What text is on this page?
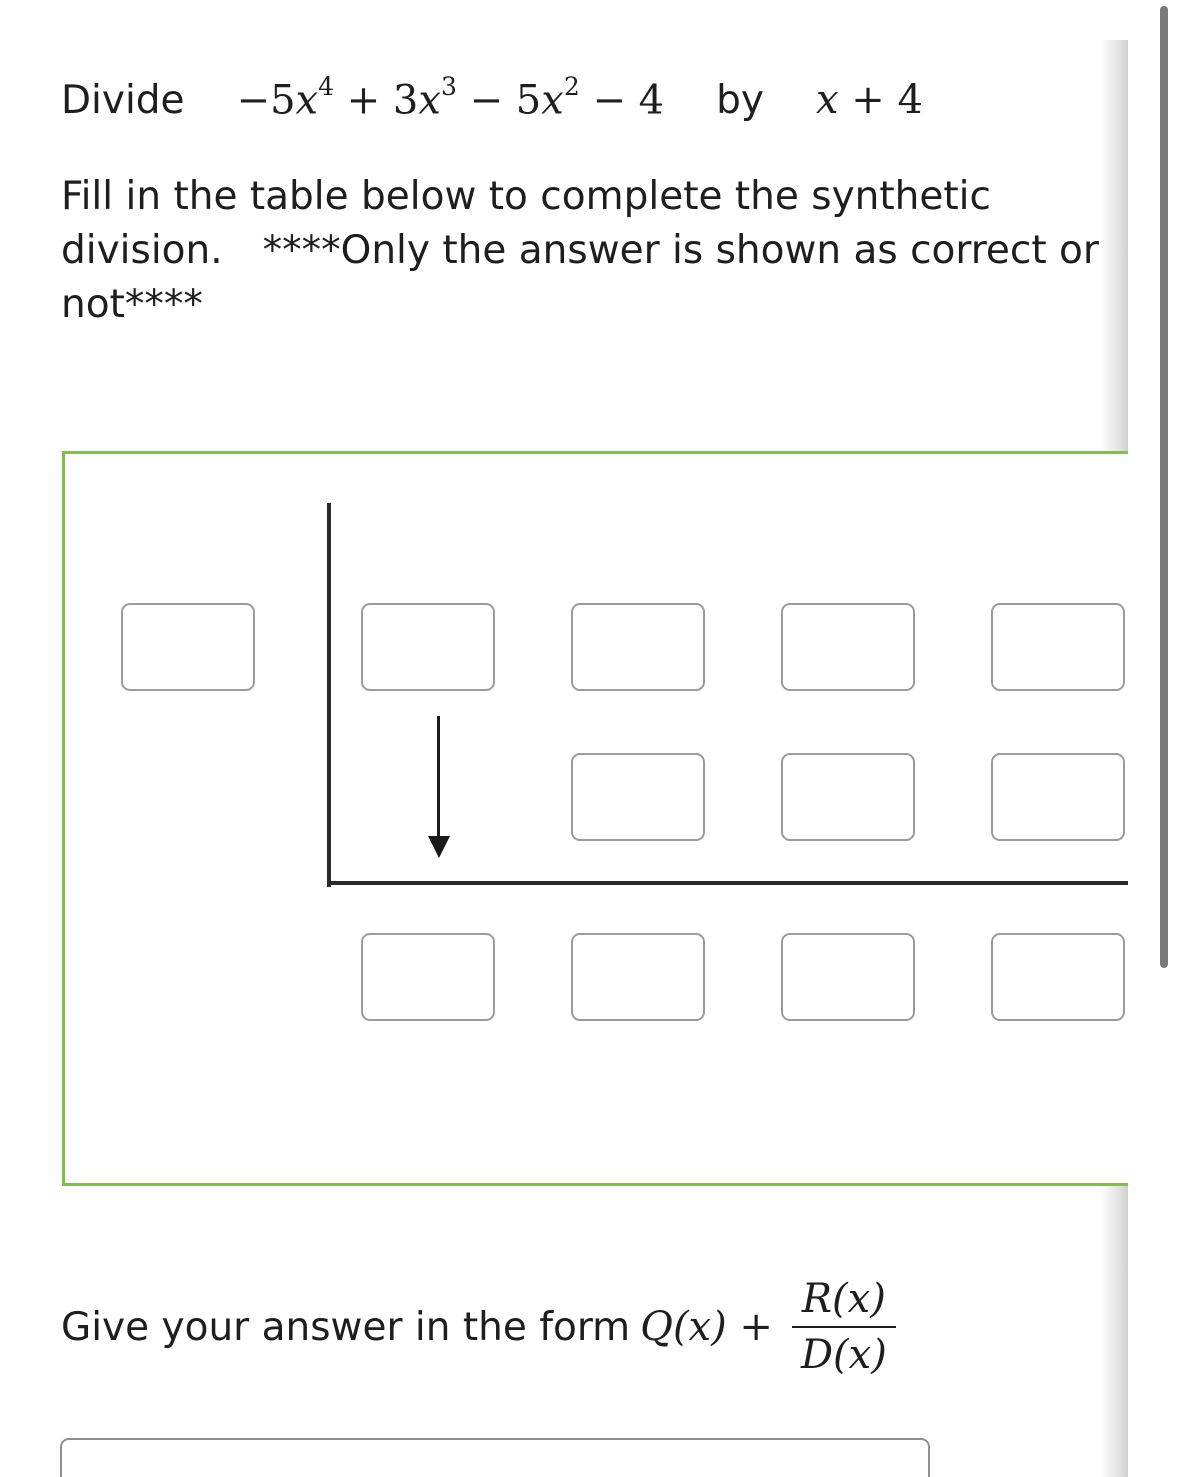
Divide $-5x^4 + 3x^3 - 5x^2 - 4$ by x + 4

Fill in the table below to complete the synthetic division. ****Only the answer is shown as correct or not****

Give your answer in the form $Q(x) + \frac{R(x)}{D(x)}$
